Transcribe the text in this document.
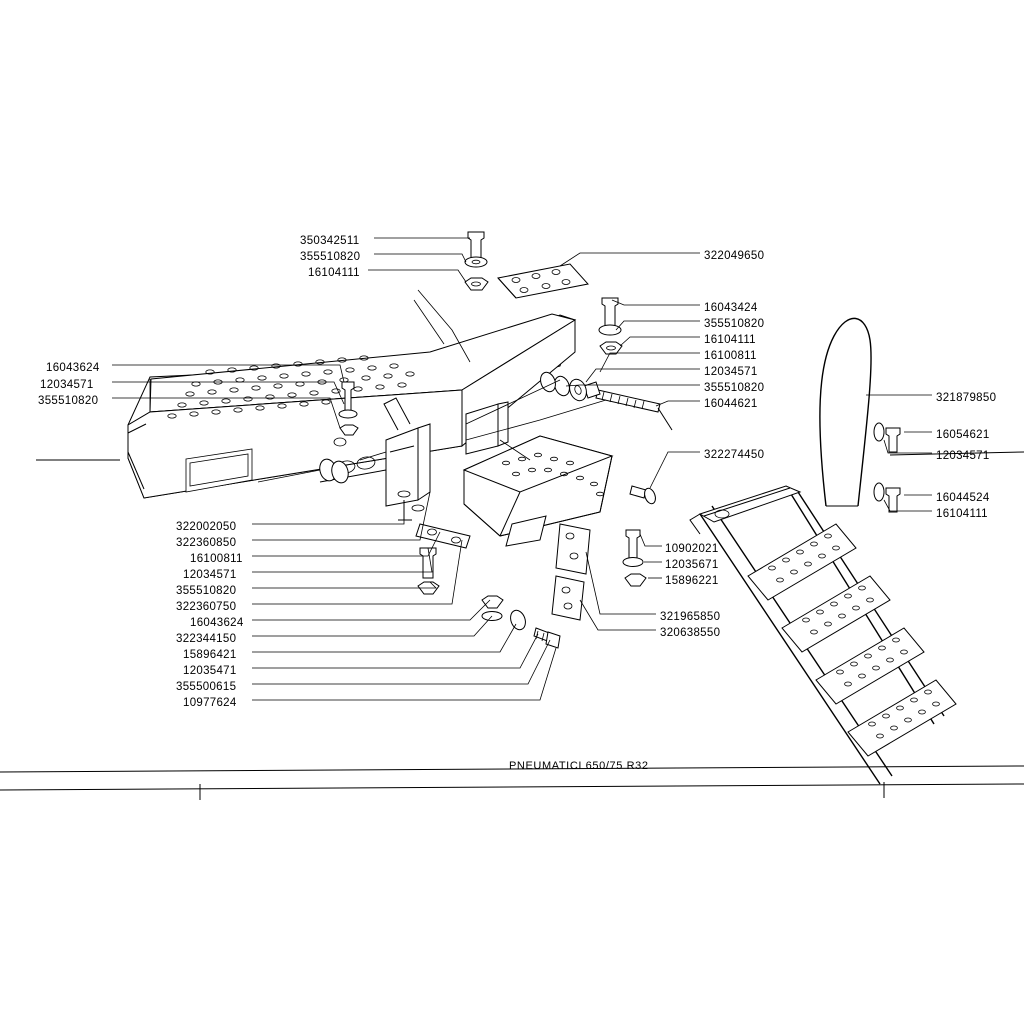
350342511
355510820
16104111
16043624
12034571
355510820
322002050
322360850
16100811
12034571
355510820
322360750
16043624
322344150
15896421
12035471
355500615
10977624
322049650
16043424
355510820
16104111
16100811
12034571
355510820
16044621
322274450
10902021
12035671
15896221
321965850
320638550
321879850
16054621
12034571
16044524
16104111
PNEUMATICI 650/75 R32
